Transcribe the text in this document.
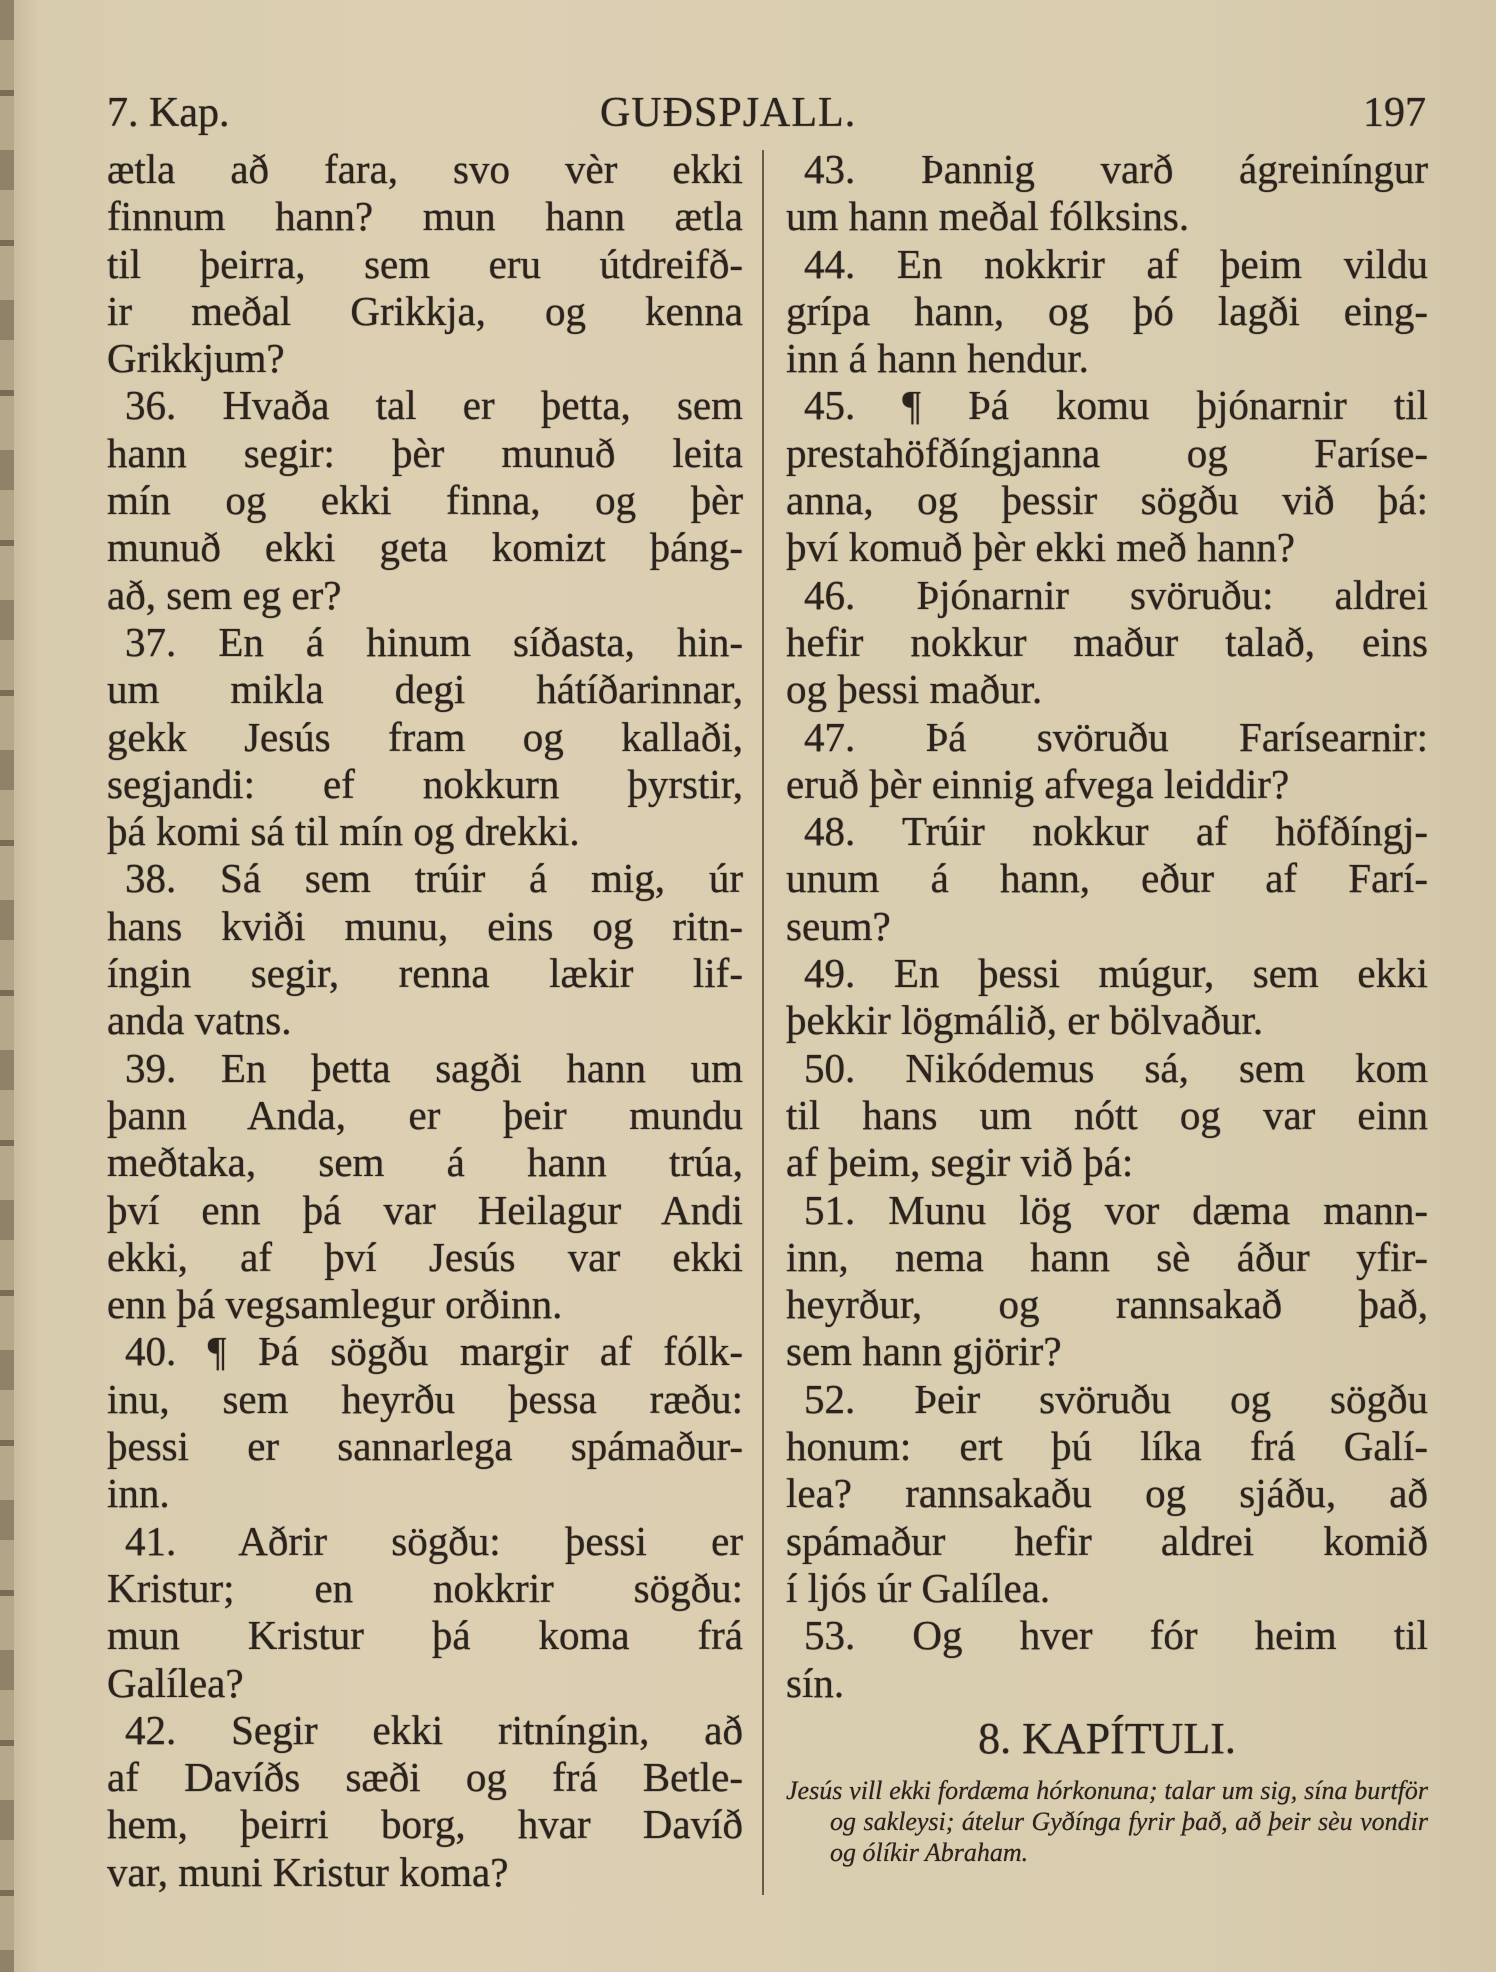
7. Kap.	GUÐSPJALL.	197
ætla að fara, svo vèr ekki
finnum hann? mun hann ætla
til þeirra, sem eru útdreifð-
ir meðal Grikkja, og kenna
Grikkjum?
36. Hvaða tal er þetta, sem
hann segir: þèr munuð leita
mín og ekki finna, og þèr
munuð ekki geta komizt þáng-
að, sem eg er?
37. En á hinum síðasta, hin-
um mikla degi hátíðarinnar,
gekk Jesús fram og kallaði,
segjandi: ef nokkurn þyrstir,
þá komi sá til mín og drekki.
38. Sá sem trúir á mig, úr
hans kviði munu, eins og ritn-
íngin segir, renna lækir lif-
anda vatns.
39. En þetta sagði hann um
þann Anda, er þeir mundu
meðtaka, sem á hann trúa,
því enn þá var Heilagur Andi
ekki, af því Jesús var ekki
enn þá vegsamlegur orðinn.
40. ¶ Þá sögðu margir af fólk-
inu, sem heyrðu þessa ræðu:
þessi er sannarlega spámaður-
inn.
41. Aðrir sögðu: þessi er
Kristur; en nokkrir sögðu:
mun Kristur þá koma frá
Galílea?
42. Segir ekki ritníngin, að
af Davíðs sæði og frá Betle-
hem, þeirri borg, hvar Davíð
var, muni Kristur koma?
43. Þannig varð ágreiníngur
um hann meðal fólksins.
44. En nokkrir af þeim vildu
grípa hann, og þó lagði eing-
inn á hann hendur.
45. ¶ Þá komu þjónarnir til
prestahöfðíngjanna og Faríse-
anna, og þessir sögðu við þá:
því komuð þèr ekki með hann?
46. Þjónarnir svöruðu: aldrei
hefir nokkur maður talað, eins
og þessi maður.
47. Þá svöruðu Farísearnir:
eruð þèr einnig afvega leiddir?
48. Trúir nokkur af höfðíngj-
unum á hann, eður af Farí-
seum?
49. En þessi múgur, sem ekki
þekkir lögmálið, er bölvaður.
50. Nikódemus sá, sem kom
til hans um nótt og var einn
af þeim, segir við þá:
51. Munu lög vor dæma mann-
inn, nema hann sè áður yfir-
heyrður, og rannsakað það,
sem hann gjörir?
52. Þeir svöruðu og sögðu
honum: ert þú líka frá Galí-
lea? rannsakaðu og sjáðu, að
spámaður hefir aldrei komið
í ljós úr Galílea.
53. Og hver fór heim til
sín.
8. KAPÍTULI.
Jesús vill ekki fordæma hórkonuna; talar um sig, sína burtför og sakleysi; átelur Gyðínga fyrir það, að þeir sèu vondir og ólíkir Abraham.
